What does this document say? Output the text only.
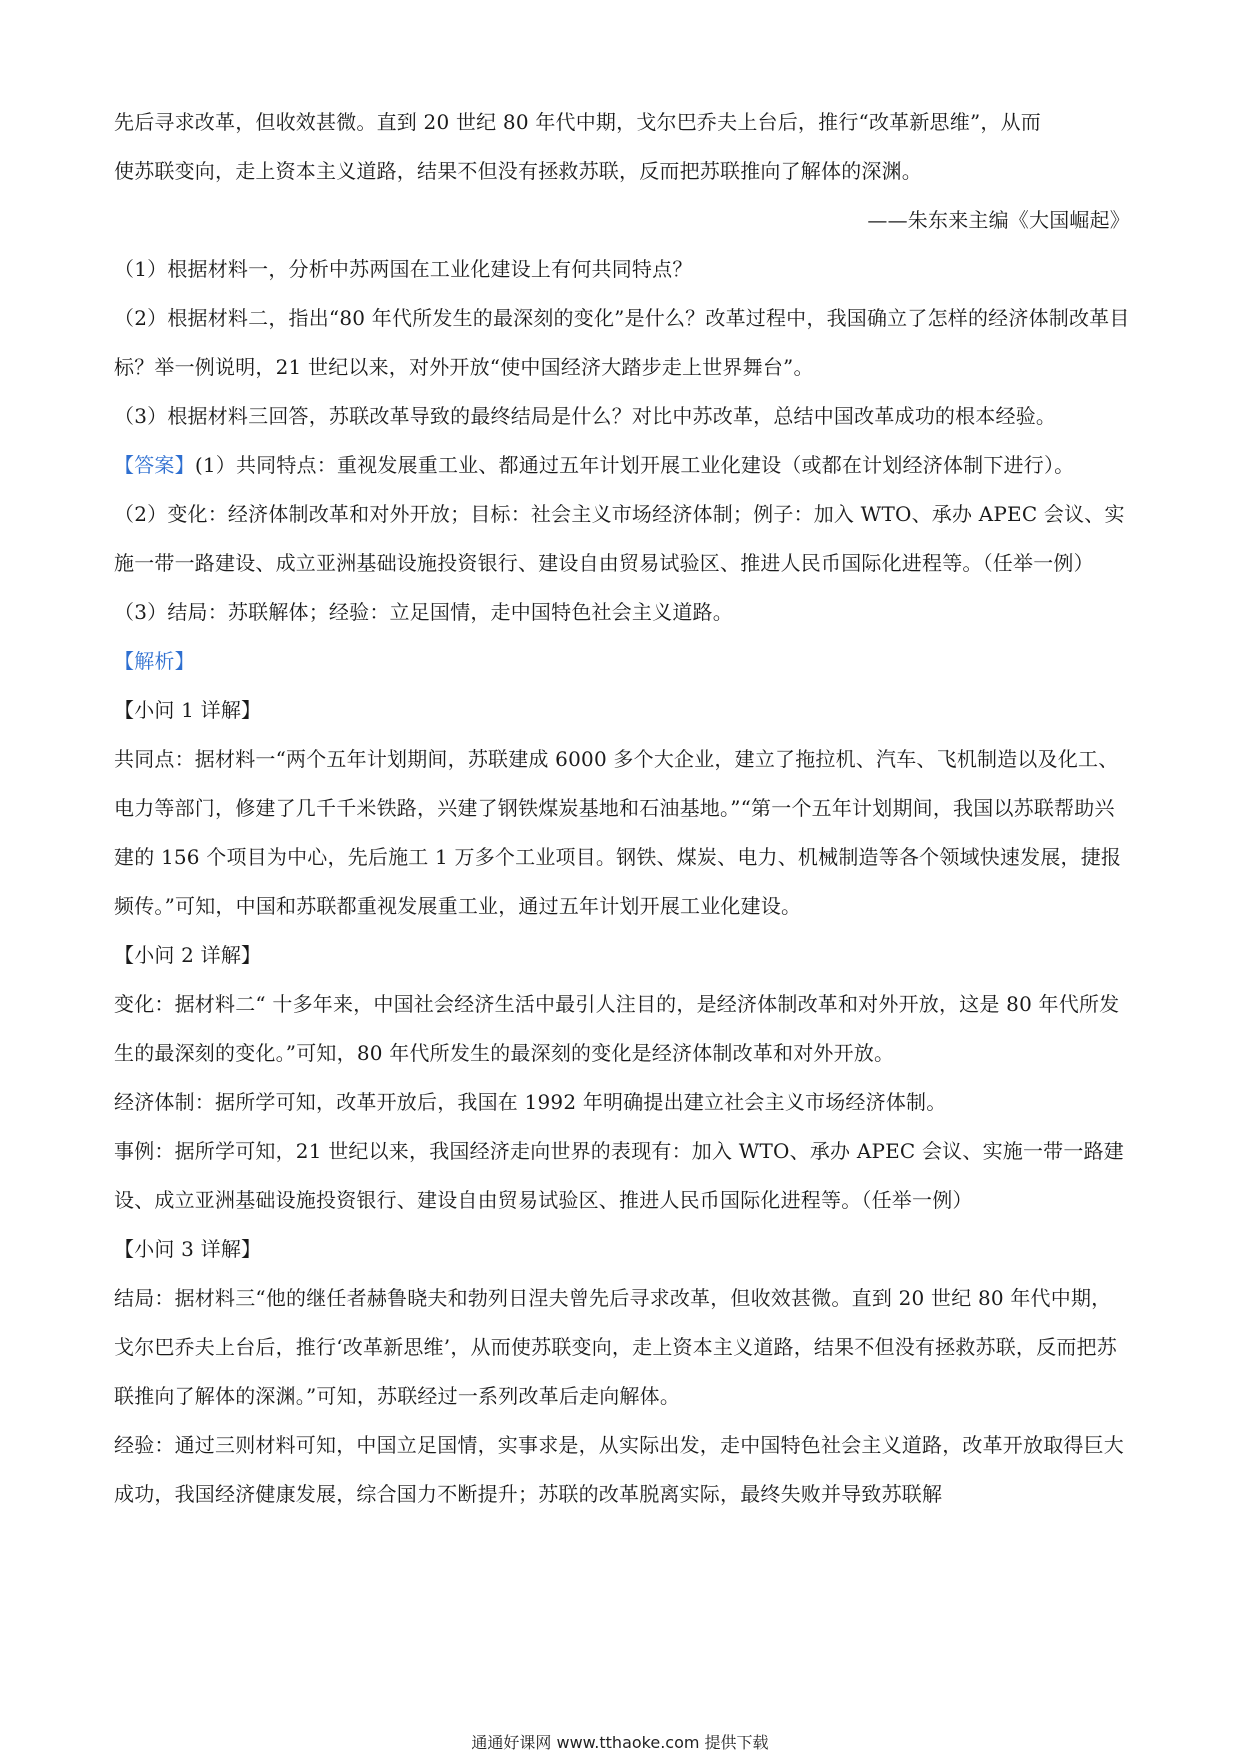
先后寻求改革，但收效甚微。直到 20 世纪 80 年代中期，戈尔巴乔夫上台后，推行“改革新思维”，从而

使苏联变向，走上资本主义道路，结果不但没有拯救苏联，反而把苏联推向了解体的深渊。

——朱东来主编《大国崛起》

（1）根据材料一，分析中苏两国在工业化建设上有何共同特点？

（2）根据材料二，指出“80 年代所发生的最深刻的变化”是什么？改革过程中，我国确立了怎样的经济体制改革目标？举一例说明，21 世纪以来，对外开放“使中国经济大踏步走上世界舞台”。

（3）根据材料三回答，苏联改革导致的最终结局是什么？对比中苏改革，总结中国改革成功的根本经验。

【答案】(1）共同特点：重视发展重工业、都通过五年计划开展工业化建设（或都在计划经济体制下进行）。

（2）变化：经济体制改革和对外开放；目标：社会主义市场经济体制；例子：加入 WTO、承办 APEC 会议、实施一带一路建设、成立亚洲基础设施投资银行、建设自由贸易试验区、推进人民币国际化进程等。（任举一例）

（3）结局：苏联解体；经验：立足国情，走中国特色社会主义道路。

【解析】

【小问 1 详解】

共同点：据材料一“两个五年计划期间，苏联建成 6000 多个大企业，建立了拖拉机、汽车、飞机制造以及化工、电力等部门，修建了几千千米铁路，兴建了钢铁煤炭基地和石油基地。”“第一个五年计划期间，我国以苏联帮助兴建的 156 个项目为中心，先后施工 1 万多个工业项目。钢铁、煤炭、电力、机械制造等各个领域快速发展，捷报频传。”可知，中国和苏联都重视发展重工业，通过五年计划开展工业化建设。

【小问 2 详解】

变化：据材料二“ 十多年来，中国社会经济生活中最引人注目的，是经济体制改革和对外开放，这是 80 年代所发生的最深刻的变化。”可知，80 年代所发生的最深刻的变化是经济体制改革和对外开放。

经济体制：据所学可知，改革开放后，我国在 1992 年明确提出建立社会主义市场经济体制。

事例：据所学可知，21 世纪以来，我国经济走向世界的表现有：加入 WTO、承办 APEC 会议、实施一带一路建设、成立亚洲基础设施投资银行、建设自由贸易试验区、推进人民币国际化进程等。（任举一例）

【小问 3 详解】

结局：据材料三“他的继任者赫鲁晓夫和勃列日涅夫曾先后寻求改革，但收效甚微。直到 20 世纪 80 年代中期，戈尔巴乔夫上台后，推行‘改革新思维’，从而使苏联变向，走上资本主义道路，结果不但没有拯救苏联，反而把苏联推向了解体的深渊。”可知，苏联经过一系列改革后走向解体。

经验：通过三则材料可知，中国立足国情，实事求是，从实际出发，走中国特色社会主义道路，改革开放取得巨大成功，我国经济健康发展，综合国力不断提升；苏联的改革脱离实际，最终失败并导致苏联解

通通好课网 www.tthaoke.com 提供下载
